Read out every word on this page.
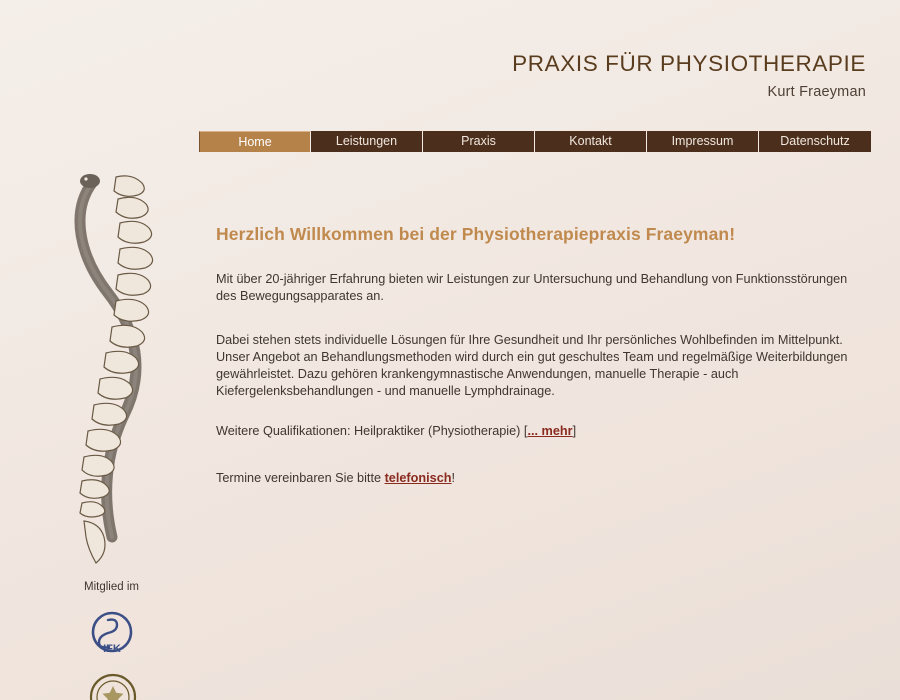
PRAXIS FÜR PHYSIOTHERAPIE
Kurt Fraeyman
Home	Leistungen	Praxis	Kontakt	Impressum	Datenschutz
Herzlich Willkommen bei der Physiotherapiepraxis Fraeyman!

Mit über 20-jähriger Erfahrung bieten wir Leistungen zur Untersuchung und Behandlung von Funktionsstörungen des Bewegungsapparates an.

Dabei stehen stets individuelle Lösungen für Ihre Gesundheit und Ihr persönliches Wohlbefinden im Mittelpunkt. Unser Angebot an Behandlungsmethoden wird durch ein gut geschultes Team und regelmäßige Weiterbildungen gewährleistet. Dazu gehören krankengymnastische Anwendungen, manuelle Therapie - auch Kiefergelenksbehandlungen - und manuelle Lymphdrainage.

Weitere Qualifikationen: Heilpraktiker (Physiotherapie) [... mehr]

Termine vereinbaren Sie bitte telefonisch!

Mitglied im
IFK
